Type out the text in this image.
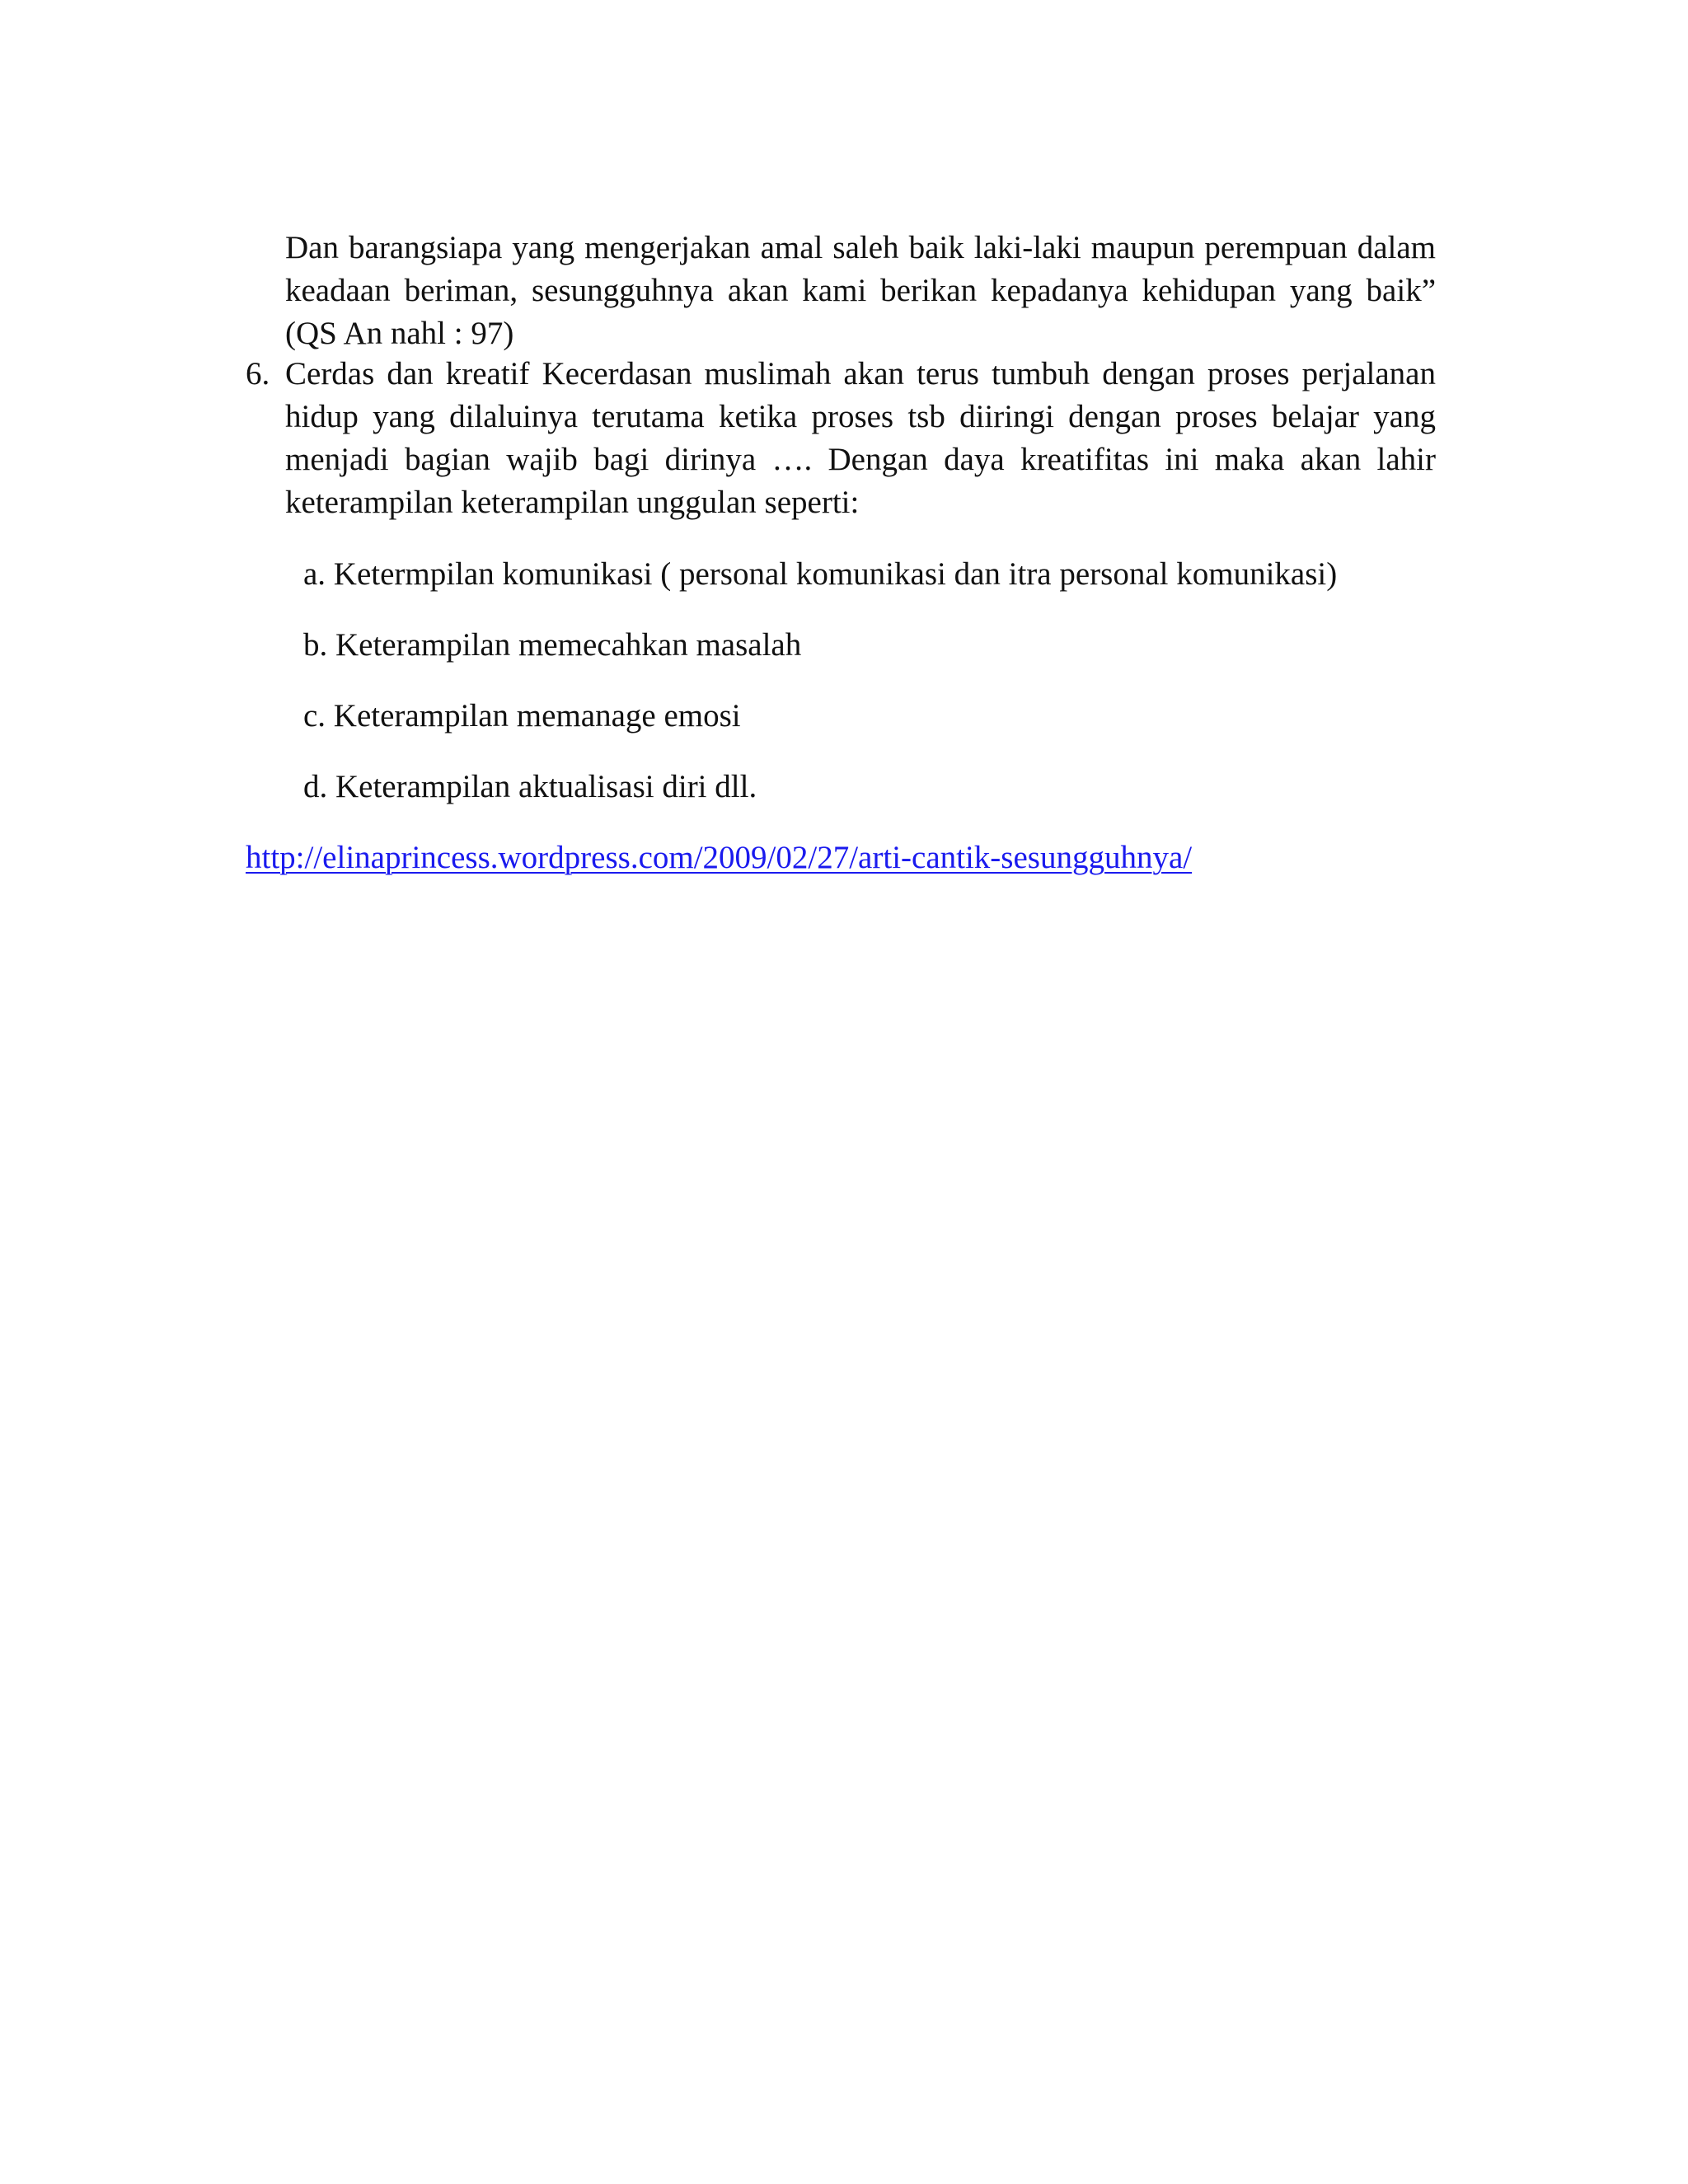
Dan barangsiapa yang mengerjakan amal saleh baik laki-laki maupun perempuan dalam keadaan beriman, sesungguhnya akan kami berikan kepadanya kehidupan yang baik” (QS An nahl : 97)

6. Cerdas dan kreatif Kecerdasan muslimah akan terus tumbuh dengan proses perjalanan hidup yang dilaluinya terutama ketika proses tsb diiringi dengan proses belajar yang menjadi bagian wajib bagi dirinya …. Dengan daya kreatifitas ini maka akan lahir keterampilan keterampilan unggulan seperti:
a. Ketermpilan komunikasi ( personal komunikasi dan itra personal komunikasi)
b. Keterampilan memecahkan masalah
c. Keterampilan memanage emosi
d. Keterampilan aktualisasi diri dll.
http://elinaprincess.wordpress.com/2009/02/27/arti-cantik-sesungguhnya/
